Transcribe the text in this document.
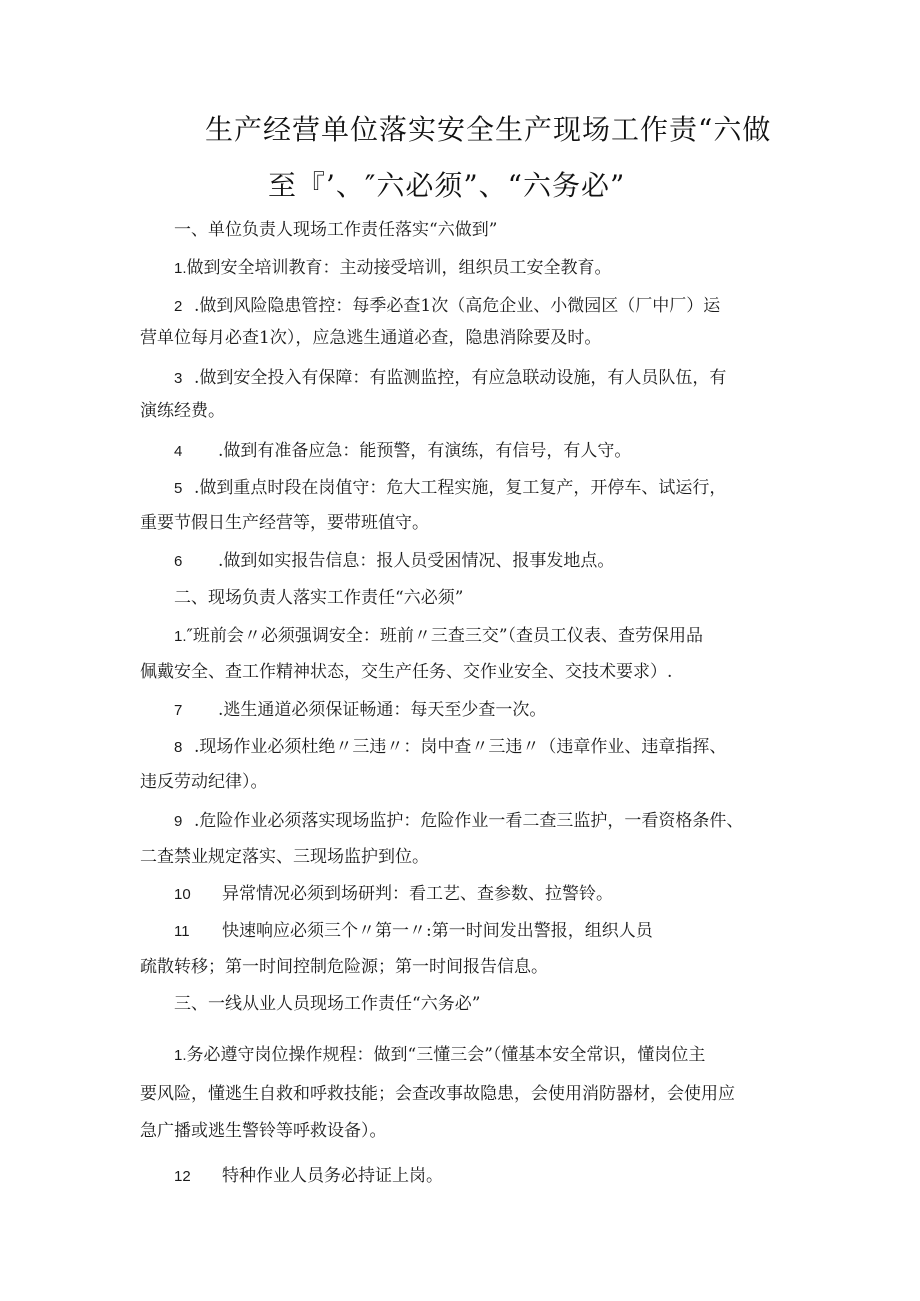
生产经营单位落实安全生产现场工作责“六做
至『’、″六必须”、“六务必”
一、单位负责人现场工作责任落实“六做到”
1.做到安全培训教育：主动接受培训，组织员工安全教育。
2 .做到风险隐患管控：每季必查1次（高危企业、小微园区（厂中厂）运
营单位每月必查1次），应急逃生通道必查，隐患消除要及时。
3 .做到安全投入有保障：有监测监控，有应急联动设施，有人员队伍，有
演练经费。
4 .做到有准备应急：能预警，有演练，有信号，有人守。
5 .做到重点时段在岗值守：危大工程实施，复工复产，开停车、试运行，
重要节假日生产经营等，要带班值守。
6 .做到如实报告信息：报人员受困情况、报事发地点。
二、现场负责人落实工作责任“六必须”
1.″班前会〃必须强调安全：班前〃三查三交”（查员工仪表、查劳保用品
佩戴安全、查工作精神状态，交生产任务、交作业安全、交技术要求）.
7 .逃生通道必须保证畅通：每天至少查一次。
8 .现场作业必须杜绝〃三违〃：岗中查〃三违〃（违章作业、违章指挥、
违反劳动纪律）。
9 .危险作业必须落实现场监护：危险作业一看二查三监护，一看资格条件、
二查禁业规定落实、三现场监护到位。
10 异常情况必须到场研判：看工艺、查参数、拉警铃。
11 快速响应必须三个〃第一〃:第一时间发出警报，组织人员
疏散转移；第一时间控制危险源；第一时间报告信息。
三、一线从业人员现场工作责任“六务必”
1.务必遵守岗位操作规程：做到“三懂三会”（懂基本安全常识，懂岗位主
要风险，懂逃生自救和呼救技能；会查改事故隐患，会使用消防器材，会使用应
急广播或逃生警铃等呼救设备）。
12 特种作业人员务必持证上岗。
